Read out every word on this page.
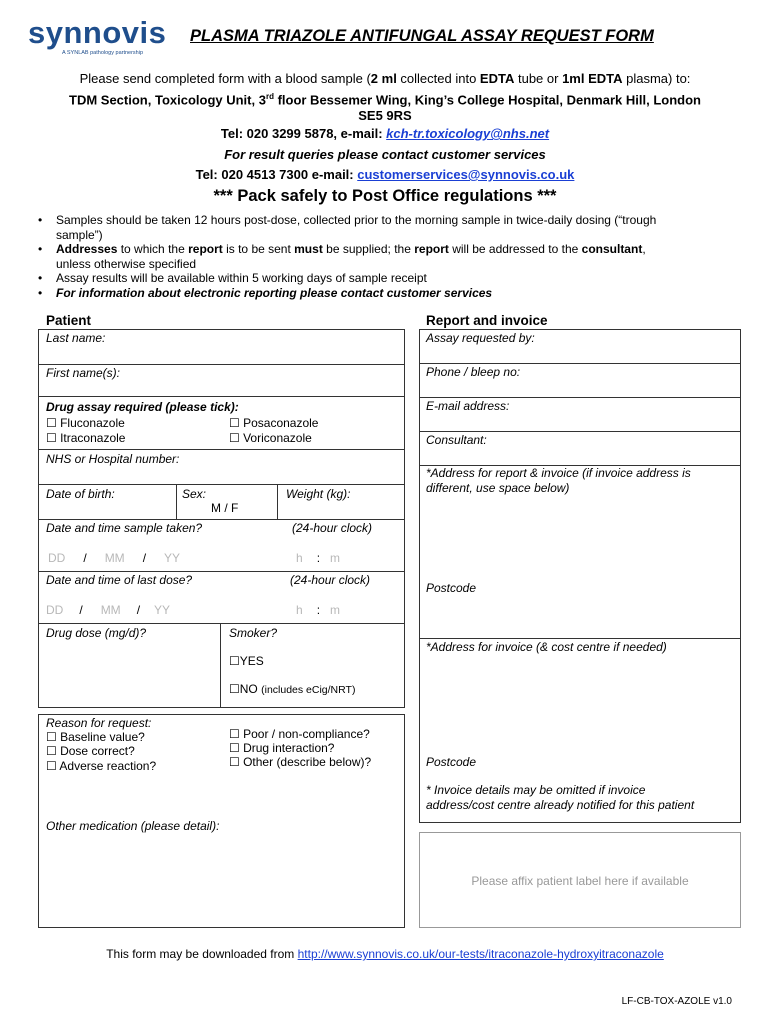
synnovis
A SYNLAB pathology partnership
PLASMA TRIAZOLE ANTIFUNGAL ASSAY REQUEST FORM
Please send completed form with a blood sample (2 ml collected into EDTA tube or 1ml EDTA plasma) to:
TDM Section, Toxicology Unit, 3rd floor Bessemer Wing, King’s College Hospital, Denmark Hill, London
SE5 9RS
Tel: 020 3299 5878, e-mail: kch-tr.toxicology@nhs.net
For result queries please contact customer services
Tel: 020 4513 7300 e-mail: customerservices@synnovis.co.uk
*** Pack safely to Post Office regulations ***
• Samples should be taken 12 hours post-dose, collected prior to the morning sample in twice-daily dosing (“trough
sample”)
• Addresses to which the report is to be sent must be supplied; the report will be addressed to the consultant,
unless otherwise specified
• Assay results will be available within 5 working days of sample receipt
• For information about electronic reporting please contact customer services
Patient
Last name:
First name(s):
Drug assay required (please tick):
☐ Fluconazole
☐ Itraconazole
☐ Posaconazole
☐ Voriconazole
NHS or Hospital number:
Date of birth:	Sex:
M / F
Weight (kg):
Date and time sample taken?	(24-hour clock)
DD / MM / YY	h : m
Date and time of last dose?	(24-hour clock)
DD / MM / YY	h : m
Drug dose (mg/d)?	Smoker?
☐YES
☐NO (includes eCig/NRT)
Reason for request:
☐ Baseline value?
☐ Dose correct?
☐ Adverse reaction?
☐ Poor / non-compliance?
☐ Drug interaction?
☐ Other (describe below)?
Other medication (please detail):
Report and invoice
Assay requested by:
Phone / bleep no:
E-mail address:
Consultant:
*Address for report & invoice (if invoice address is
different, use space below)
Postcode
*Address for invoice (& cost centre if needed)
Postcode
* Invoice details may be omitted if invoice
address/cost centre already notified for this patient
Please affix patient label here if available
This form may be downloaded from http://www.synnovis.co.uk/our-tests/itraconazole-hydroxyitraconazole
LF-CB-TOX-AZOLE v1.0
